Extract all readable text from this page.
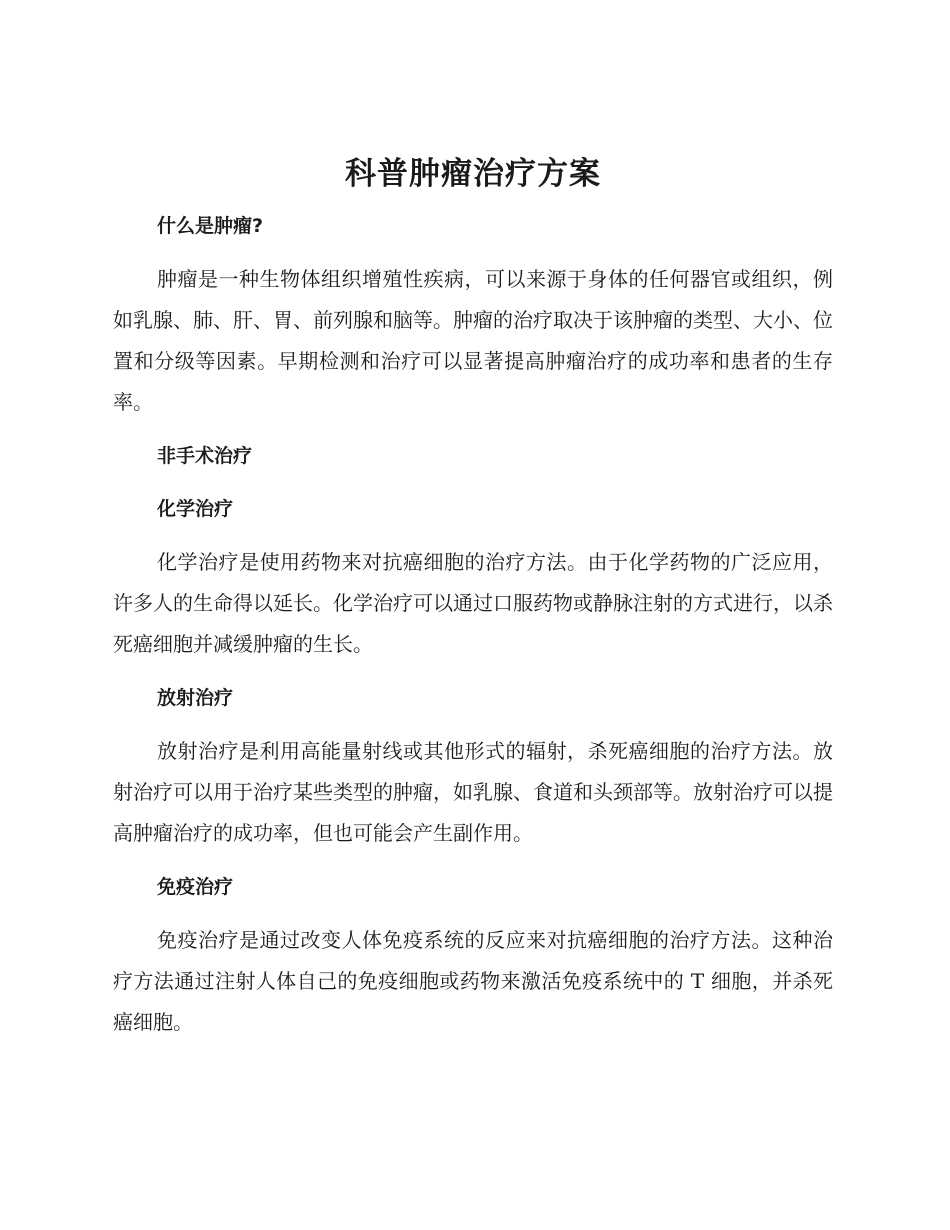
科普肿瘤治疗方案
什么是肿瘤?

肿瘤是一种生物体组织增殖性疾病，可以来源于身体的任何器官或组织，例如乳腺、肺、肝、胃、前列腺和脑等。肿瘤的治疗取决于该肿瘤的类型、大小、位置和分级等因素。早期检测和治疗可以显著提高肿瘤治疗的成功率和患者的生存率。

非手术治疗
化学治疗

化学治疗是使用药物来对抗癌细胞的治疗方法。由于化学药物的广泛应用，许多人的生命得以延长。化学治疗可以通过口服药物或静脉注射的方式进行，以杀死癌细胞并减缓肿瘤的生长。

放射治疗

放射治疗是利用高能量射线或其他形式的辐射，杀死癌细胞的治疗方法。放射治疗可以用于治疗某些类型的肿瘤，如乳腺、食道和头颈部等。放射治疗可以提高肿瘤治疗的成功率，但也可能会产生副作用。

免疫治疗

免疫治疗是通过改变人体免疫系统的反应来对抗癌细胞的治疗方法。这种治疗方法通过注射人体自己的免疫细胞或药物来激活免疫系统中的 T 细胞，并杀死癌细胞。
